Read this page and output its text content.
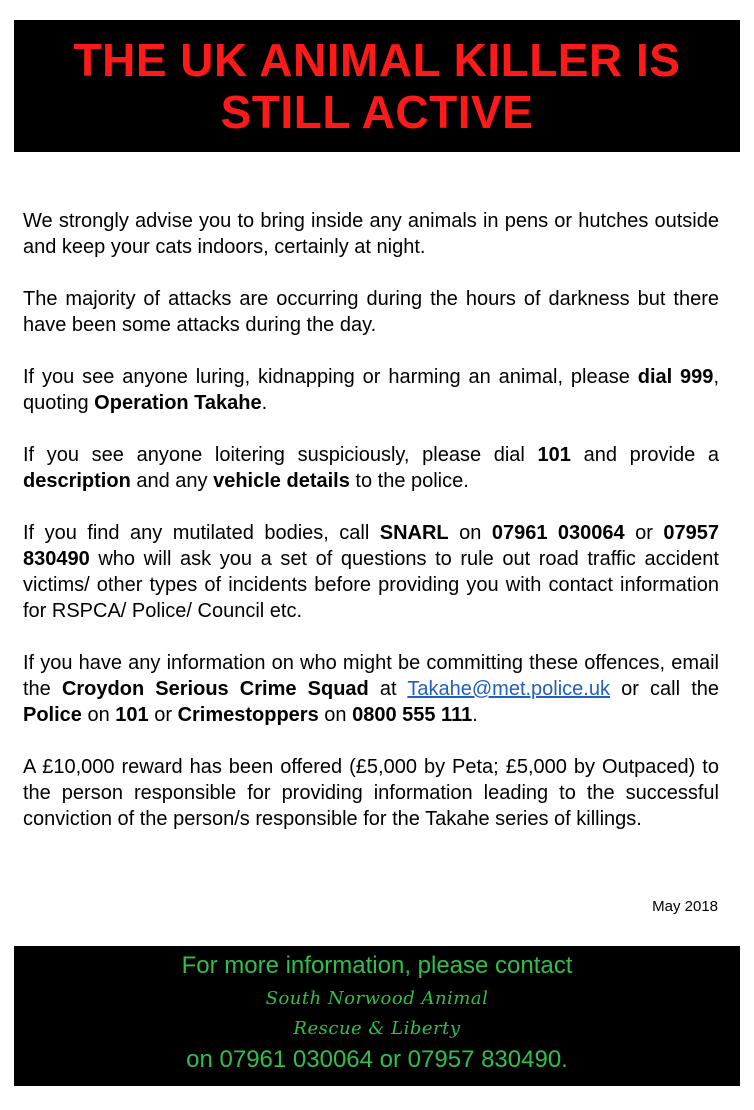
THE UK ANIMAL KILLER IS STILL ACTIVE

We strongly advise you to bring inside any animals in pens or hutches outside and keep your cats indoors, certainly at night.

The majority of attacks are occurring during the hours of darkness but there have been some attacks during the day.

If you see anyone luring, kidnapping or harming an animal, please dial 999, quoting Operation Takahe.

If you see anyone loitering suspiciously, please dial 101 and provide a description and any vehicle details to the police.

If you find any mutilated bodies, call SNARL on 07961 030064 or 07957 830490 who will ask you a set of questions to rule out road traffic accident victims/ other types of incidents before providing you with contact information for RSPCA/ Police/ Council etc.

If you have any information on who might be committing these offences, email the Croydon Serious Crime Squad at Takahe@met.police.uk or call the Police on 101 or Crimestoppers on 0800 555 111.

A £10,000 reward has been offered (£5,000 by Peta; £5,000 by Outpaced) to the person responsible for providing information leading to the successful conviction of the person/s responsible for the Takahe series of killings.

May 2018
For more information, please contact
South Norwood Animal
Rescue & Liberty
on 07961 030064 or 07957 830490.
